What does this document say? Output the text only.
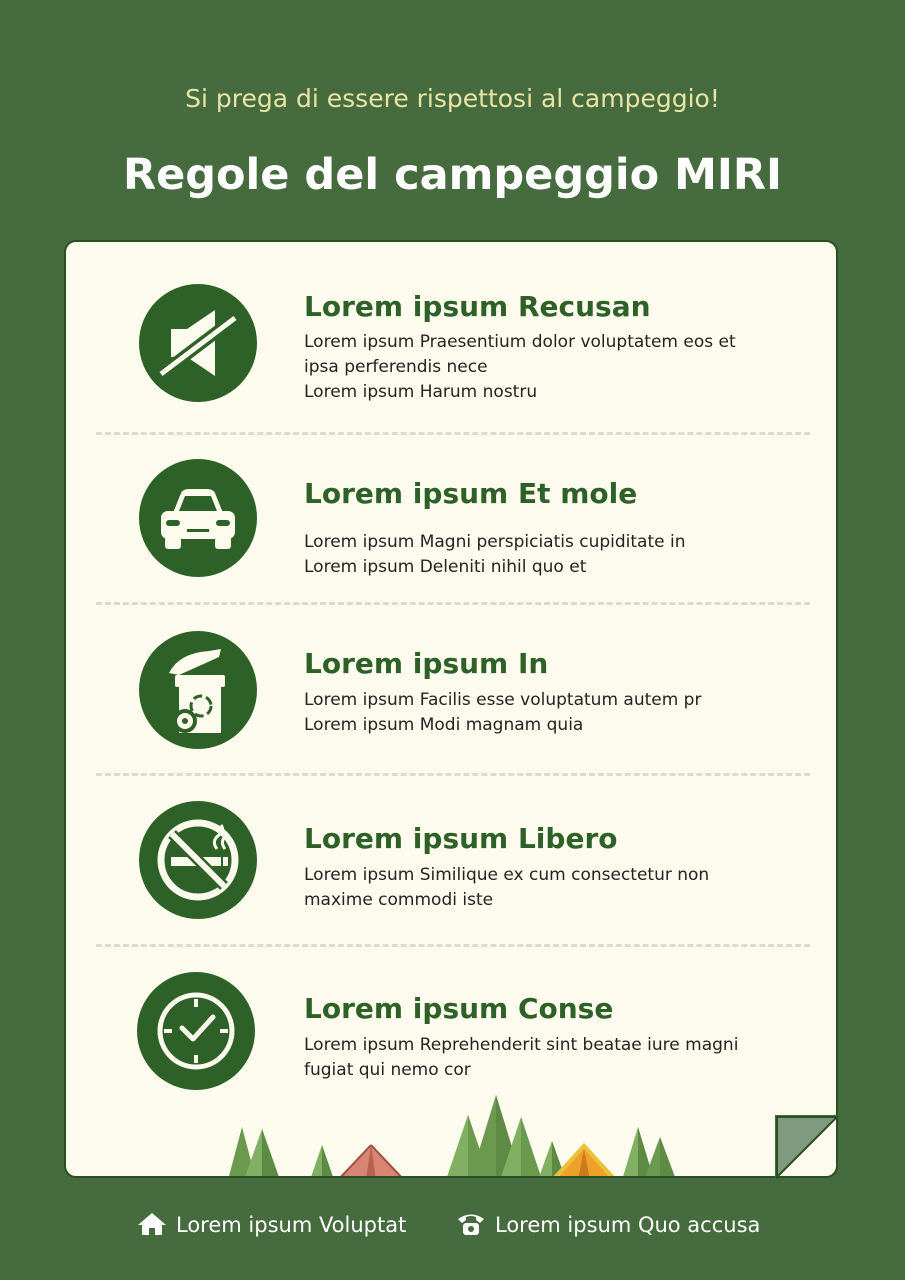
Si prega di essere rispettosi al campeggio!
Regole del campeggio MIRI
Lorem ipsum Recusan

Lorem ipsum Praesentium dolor voluptatem eos et ipsa perferendis nece
Lorem ipsum Harum nostru

Lorem ipsum Et mole

Lorem ipsum Magni perspiciatis cupiditate in
Lorem ipsum Deleniti nihil quo et

Lorem ipsum In

Lorem ipsum Facilis esse voluptatum autem pr
Lorem ipsum Modi magnam quia

Lorem ipsum Libero

Lorem ipsum Similique ex cum consectetur non maxime commodi iste

Lorem ipsum Conse

Lorem ipsum Reprehenderit sint beatae iure magni fugiat qui nemo cor

Lorem ipsum Voluptat	Lorem ipsum Quo accusa
